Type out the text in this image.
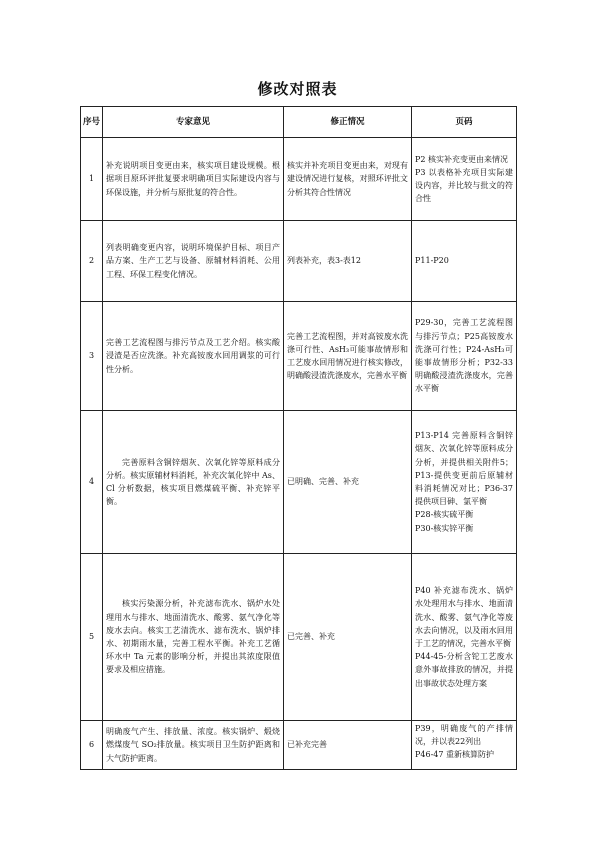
修改对照表
序号	专家意见	修正情况	页码
1	补充说明项目变更由来，核实项目建设规模。根据项目原环评批复要求明确项目实际建设内容与环保设施，并分析与原批复的符合性。	核实并补充项目变更由来，对现有建设情况进行复核，对照环评批文分析其符合性情况	P2 核实补充变更由来情况
P3 以表格补充项目实际建设内容，并比较与批文的符合性

2	列表明确变更内容，说明环境保护目标、项目产品方案、生产工艺与设备、原辅材料消耗、公用工程、环保工程变化情况。	列表补充，表3-表12	P11-P20

3	完善工艺流程图与排污节点及工艺介绍。核实酸浸渣是否应洗涤。补充高铵废水回用调浆的可行性分析。	完善工艺流程图，并对高铵废水洗涤可行性、AsH₃可能事故情形和工艺废水回用情况进行核实修改，明确酸浸渣洗涤废水，完善水平衡	P29-30，完善工艺流程图与排污节点；P25高铵废水洗涤可行性；P24-AsH₃可能事故情形分析；P32-33 明确酸浸渣洗涤废水，完善水平衡

4	完善原料含铜锌烟灰、次氧化锌等原料成分分析。核实原辅材料消耗，补充次氧化锌中 As、Cl 分析数据，核实项目燃煤硫平衡、补充锌平衡。	已明确、完善、补充	P13-P14 完善原料含铜锌烟灰、次氧化锌等原料成分分析，并提供相关附件5；P13-提供变更前后原辅材料消耗情况对比；P36-37 提供项目砷、氯平衡
P28-核实硫平衡
P30-核实锌平衡

5	核实污染源分析，补充滤布洗水、锅炉水处理用水与排水、地面清洗水、酸雾、氨气净化等废水去向。核实工艺清洗水、滤布洗水、锅炉排水、初期雨水量，完善工程水平衡。补充工艺循环水中 Ta 元素的影响分析，并提出其浓度限值要求及相应措施。	已完善、补充	P40 补充滤布洗水、锅炉水处理用水与排水、地面清洗水、酸雾、氨气净化等废水去向情况，以及雨水回用于工艺的情况，完善水平衡
P44-45-分析含铊工艺废水意外事故排放的情况，并提出事故状态处理方案

6	明确废气产生、排放量、浓度。核实锅炉、煅烧燃煤废气 SO₂排放量。核实项目卫生防护距离和大气防护距离。	已补充完善	P39，明确废气的产排情况，并以表22列出
P46-47 重新核算防护
